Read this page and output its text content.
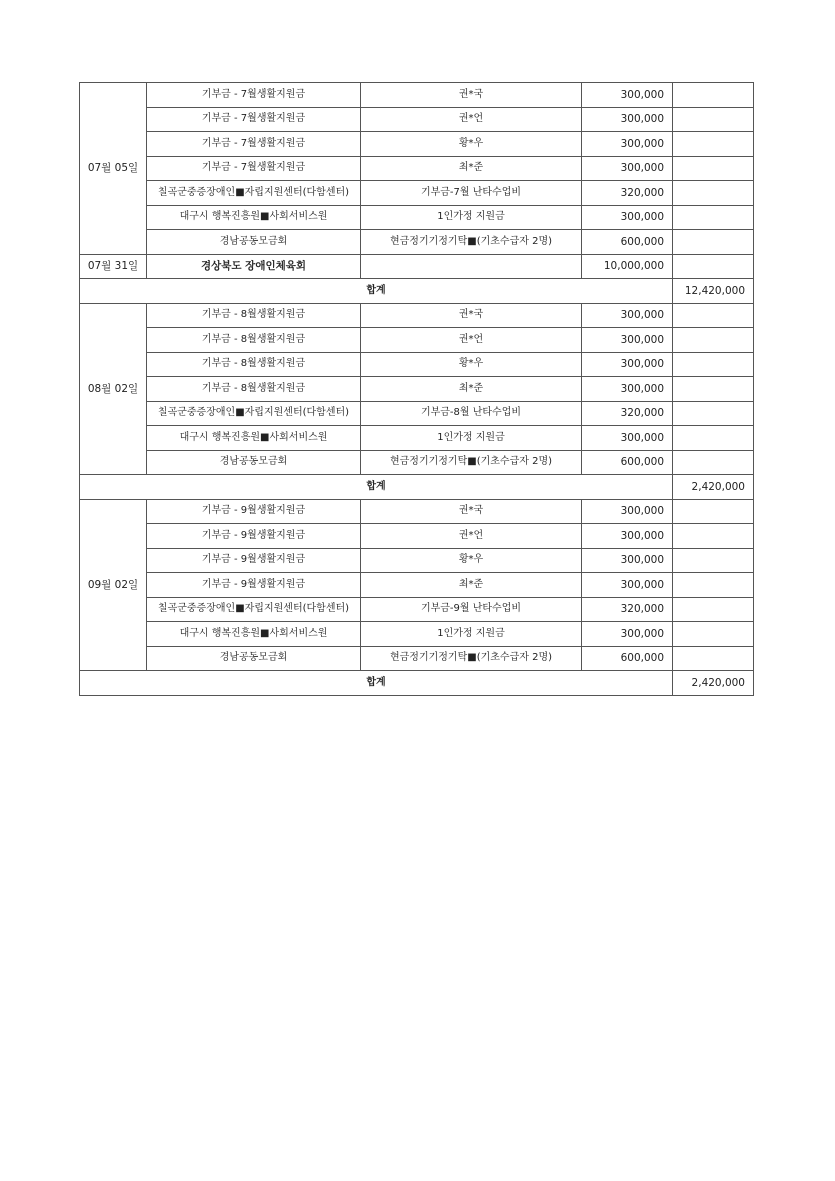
07월 05일	기부금 - 7월생활지원금	권*국	300,000	
	기부금 - 7월생활지원금	권*언	300,000	
	기부금 - 7월생활지원금	황*우	300,000	
	기부금 - 7월생활지원금	최*준	300,000	
	칠곡군중증장애인■자립지원센터(다함센터)	기부금-7월 난타수업비	320,000	
	대구시 행복진흥원■사회서비스원	1인가정 지원금	300,000	
	경남공동모금회	현금정기기정기탁■(기초수급자 2명)	600,000	
07월 31일	경상북도 장애인체육회		10,000,000	
합계				12,420,000
08월 02일	기부금 - 8월생활지원금	권*국	300,000	
	기부금 - 8월생활지원금	권*언	300,000	
	기부금 - 8월생활지원금	황*우	300,000	
	기부금 - 8월생활지원금	최*준	300,000	
	칠곡군중증장애인■자립지원센터(다함센터)	기부금-8월 난타수업비	320,000	
	대구시 행복진흥원■사회서비스원	1인가정 지원금	300,000	
	경남공동모금회	현금정기기정기탁■(기초수급자 2명)	600,000	
합계				2,420,000
09월 02일	기부금 - 9월생활지원금	권*국	300,000	
	기부금 - 9월생활지원금	권*언	300,000	
	기부금 - 9월생활지원금	황*우	300,000	
	기부금 - 9월생활지원금	최*준	300,000	
	칠곡군중증장애인■자립지원센터(다함센터)	기부금-9월 난타수업비	320,000	
	대구시 행복진흥원■사회서비스원	1인가정 지원금	300,000	
	경남공동모금회	현금정기기정기탁■(기초수급자 2명)	600,000	
합계				2,420,000
